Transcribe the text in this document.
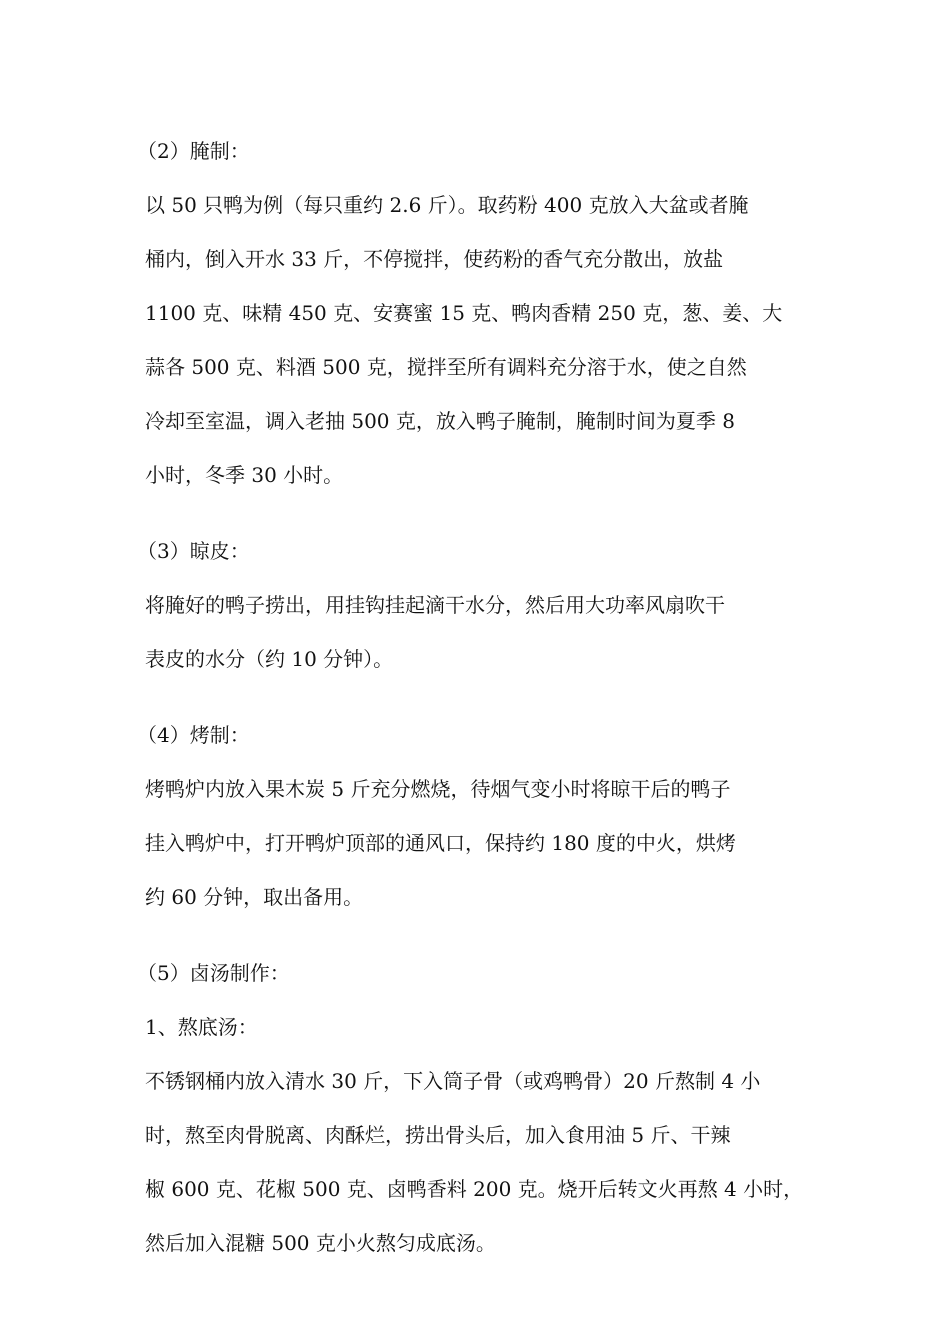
（2）腌制：
以 50 只鸭为例（每只重约 2.6 斤）。取药粉 400 克放入大盆或者腌
桶内，倒入开水 33 斤，不停搅拌，使药粉的香气充分散出，放盐
1100 克、味精 450 克、安赛蜜 15 克、鸭肉香精 250 克，葱、姜、大
蒜各 500 克、料酒 500 克，搅拌至所有调料充分溶于水，使之自然
冷却至室温，调入老抽 500 克，放入鸭子腌制，腌制时间为夏季 8
小时，冬季 30 小时。
（3）晾皮：
将腌好的鸭子捞出，用挂钩挂起滴干水分，然后用大功率风扇吹干
表皮的水分（约 10 分钟）。
（4）烤制：
烤鸭炉内放入果木炭 5 斤充分燃烧，待烟气变小时将晾干后的鸭子
挂入鸭炉中，打开鸭炉顶部的通风口，保持约 180 度的中火，烘烤
约 60 分钟，取出备用。
（5）卤汤制作：
1、熬底汤：
不锈钢桶内放入清水 30 斤，下入筒子骨（或鸡鸭骨）20 斤熬制 4 小
时，熬至肉骨脱离、肉酥烂，捞出骨头后，加入食用油 5 斤、干辣
椒 600 克、花椒 500 克、卤鸭香料 200 克。烧开后转文火再熬 4 小时，
然后加入混糖 500 克小火熬匀成底汤。
